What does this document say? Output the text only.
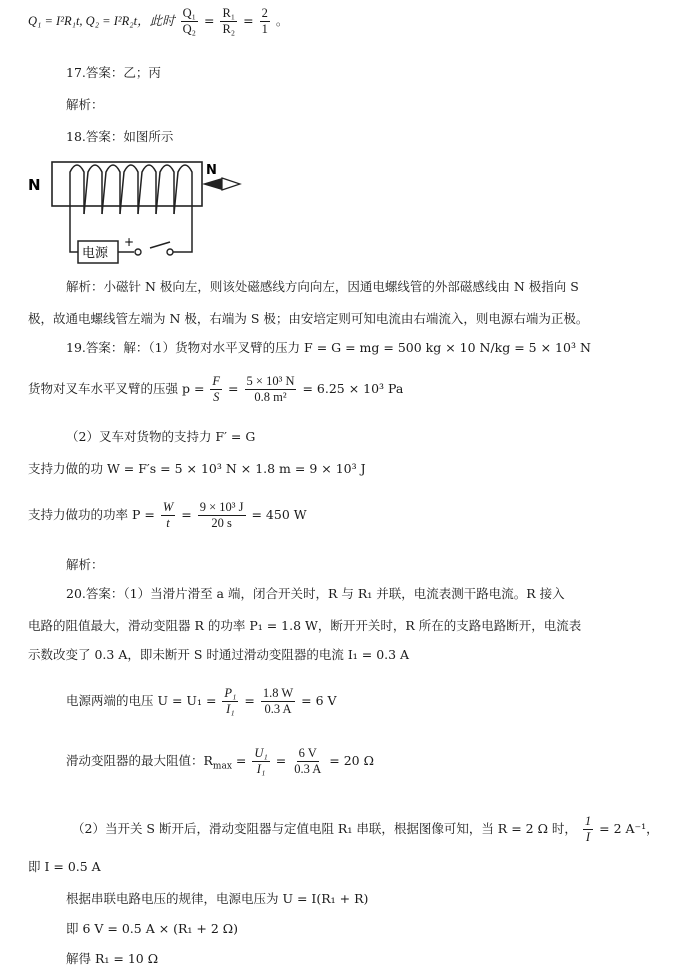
Q₁ = I²R₁t, Q₂ = I²R₂t，此时 $\frac{\text{Q₁}}{\text{Q₂}} = \frac{\text{R₁}}{\text{R₂}} = \frac{2}{1}$ 。
17.答案：乙；丙
解析：
18.答案：如图所示
N
N
电源
+
解析：小磁针 N 极向左，则该处磁感线方向向左，因通电螺线管的外部磁感线由 N 极指向 S
极，故通电螺线管左端为 N 极，右端为 S 极；由安培定则可知电流由右端流入，则电源右端为正极。
19.答案：解：（1）货物对水平叉臂的压力 F = G = mg = 500 kg × 10 N/kg = 5 × 10³ N
货物对叉车水平叉臂的压强 $p = \frac{F}{S} = \frac{\text{5 × 10³ N}}{\text{0.8 m²}} = 6.25 \times 10^3$ Pa
（2）叉车对货物的支持力 F′ = G
支持力做的功 W = F′s = 5 × 10³ N × 1.8 m = 9 × 10³ J
支持力做功的功率 $P = \frac{W}{t} = \frac{\text{9 × 10³ J}}{20 s} = 450$ W
解析：
20.答案：（1）当滑片滑至 a 端，闭合开关时，R 与 R₁ 并联，电流表测干路电流。R 接入
电路的阻值最大，滑动变阻器 R 的功率 P₁ = 1.8 W，断开开关时，R 所在的支路电路断开，电流表
示数改变了 0.3 A，即未断开 S 时通过滑动变阻器的电流 I₁ = 0.3 A
电源两端的电压 $U = U_1 = \frac{\text{P₁}}{\text{I₁}} = \frac{1.8 W}{0.3 A} = 6$ V
滑动变阻器的最大阻值：$R_{max} = \frac{\text{U₁}}{\text{I₁}} = \frac{6 V}{0.3 A} = 20$ Ω
（2）当开关 S 断开后，滑动变阻器与定值电阻 R₁ 串联，根据图像可知，当 R = 2 Ω 时， $\frac{1}{I} = 2$ A⁻¹，
即 I = 0.5 A
根据串联电路电压的规律，电源电压为 U = I(R₁ + R)
即 6 V = 0.5 A × (R₁ + 2 Ω)
解得 R₁ = 10 Ω
